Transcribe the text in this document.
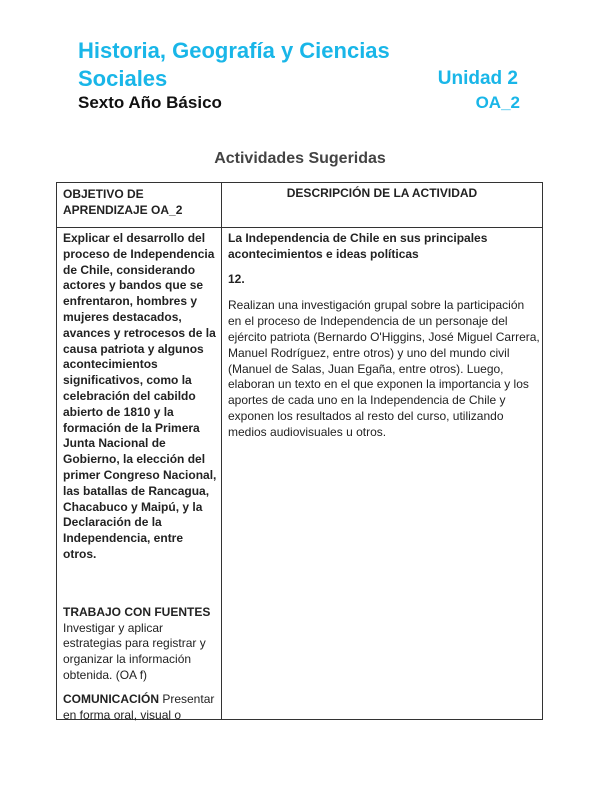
Historia, Geografía y Ciencias
Sociales	Unidad 2
Sexto Año Básico	OA_2
Actividades Sugeridas
OBJETIVO DE APRENDIZAJE OA_2
DESCRIPCIÓN DE LA ACTIVIDAD
Explicar el desarrollo del proceso de Independencia de Chile, considerando actores y bandos que se enfrentaron, hombres y mujeres destacados, avances y retrocesos de la causa patriota y algunos acontecimientos significativos, como la celebración del cabildo abierto de 1810 y la formación de la Primera Junta Nacional de Gobierno, la elección del primer Congreso Nacional, las batallas de Rancagua, Chacabuco y Maipú, y la Declaración de la Independencia, entre otros.
TRABAJO CON FUENTES
Investigar y aplicar estrategias para registrar y organizar la información obtenida. (OA f)
COMUNICACIÓN Presentar en forma oral, visual o
La Independencia de Chile en sus principales acontecimientos e ideas políticas
12.
Realizan una investigación grupal sobre la participación en el proceso de Independencia de un personaje del ejército patriota (Bernardo O'Higgins, José Miguel Carrera, Manuel Rodríguez, entre otros) y uno del mundo civil (Manuel de Salas, Juan Egaña, entre otros). Luego, elaboran un texto en el que exponen la importancia y los aportes de cada uno en la Independencia de Chile y exponen los resultados al resto del curso, utilizando medios audiovisuales u otros.
